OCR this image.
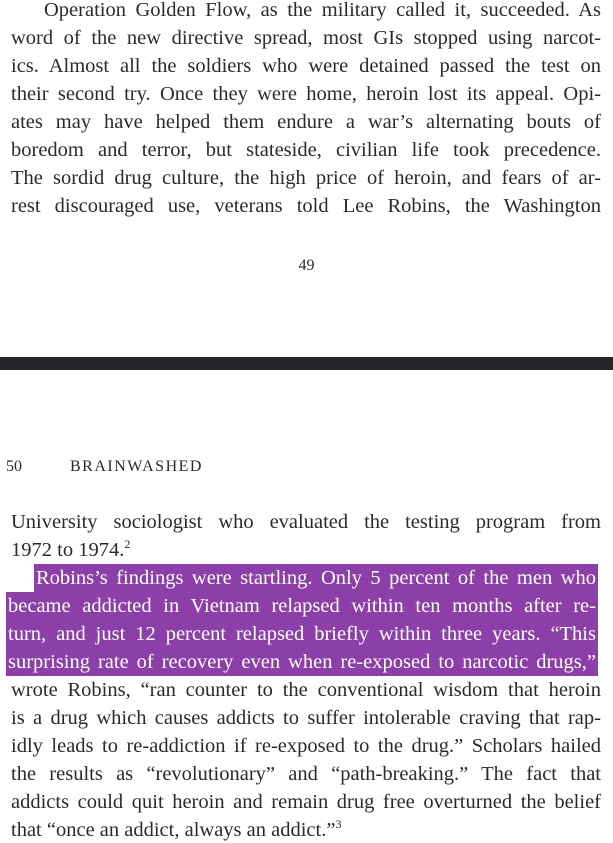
Operation Golden Flow, as the military called it, succeeded. As
word of the new directive spread, most GIs stopped using narcot-
ics. Almost all the soldiers who were detained passed the test on
their second try. Once they were home, heroin lost its appeal. Opi-
ates may have helped them endure a war’s alternating bouts of
boredom and terror, but stateside, civilian life took precedence.
The sordid drug culture, the high price of heroin, and fears of ar-
rest discouraged use, veterans told Lee Robins, the Washington
49
50	BRAINWASHED
University sociologist who evaluated the testing program from
1972 to 1974.$^2$
Robins’s findings were startling. Only 5 percent of the men who
became addicted in Vietnam relapsed within ten months after re-
turn, and just 12 percent relapsed briefly within three years. “This
surprising rate of recovery even when re-exposed to narcotic drugs,”
wrote Robins, “ran counter to the conventional wisdom that heroin
is a drug which causes addicts to suffer intolerable craving that rap-
idly leads to re-addiction if re-exposed to the drug.” Scholars hailed
the results as “revolutionary” and “path-breaking.” The fact that
addicts could quit heroin and remain drug free overturned the belief
that “once an addict, always an addict.”$^3$
